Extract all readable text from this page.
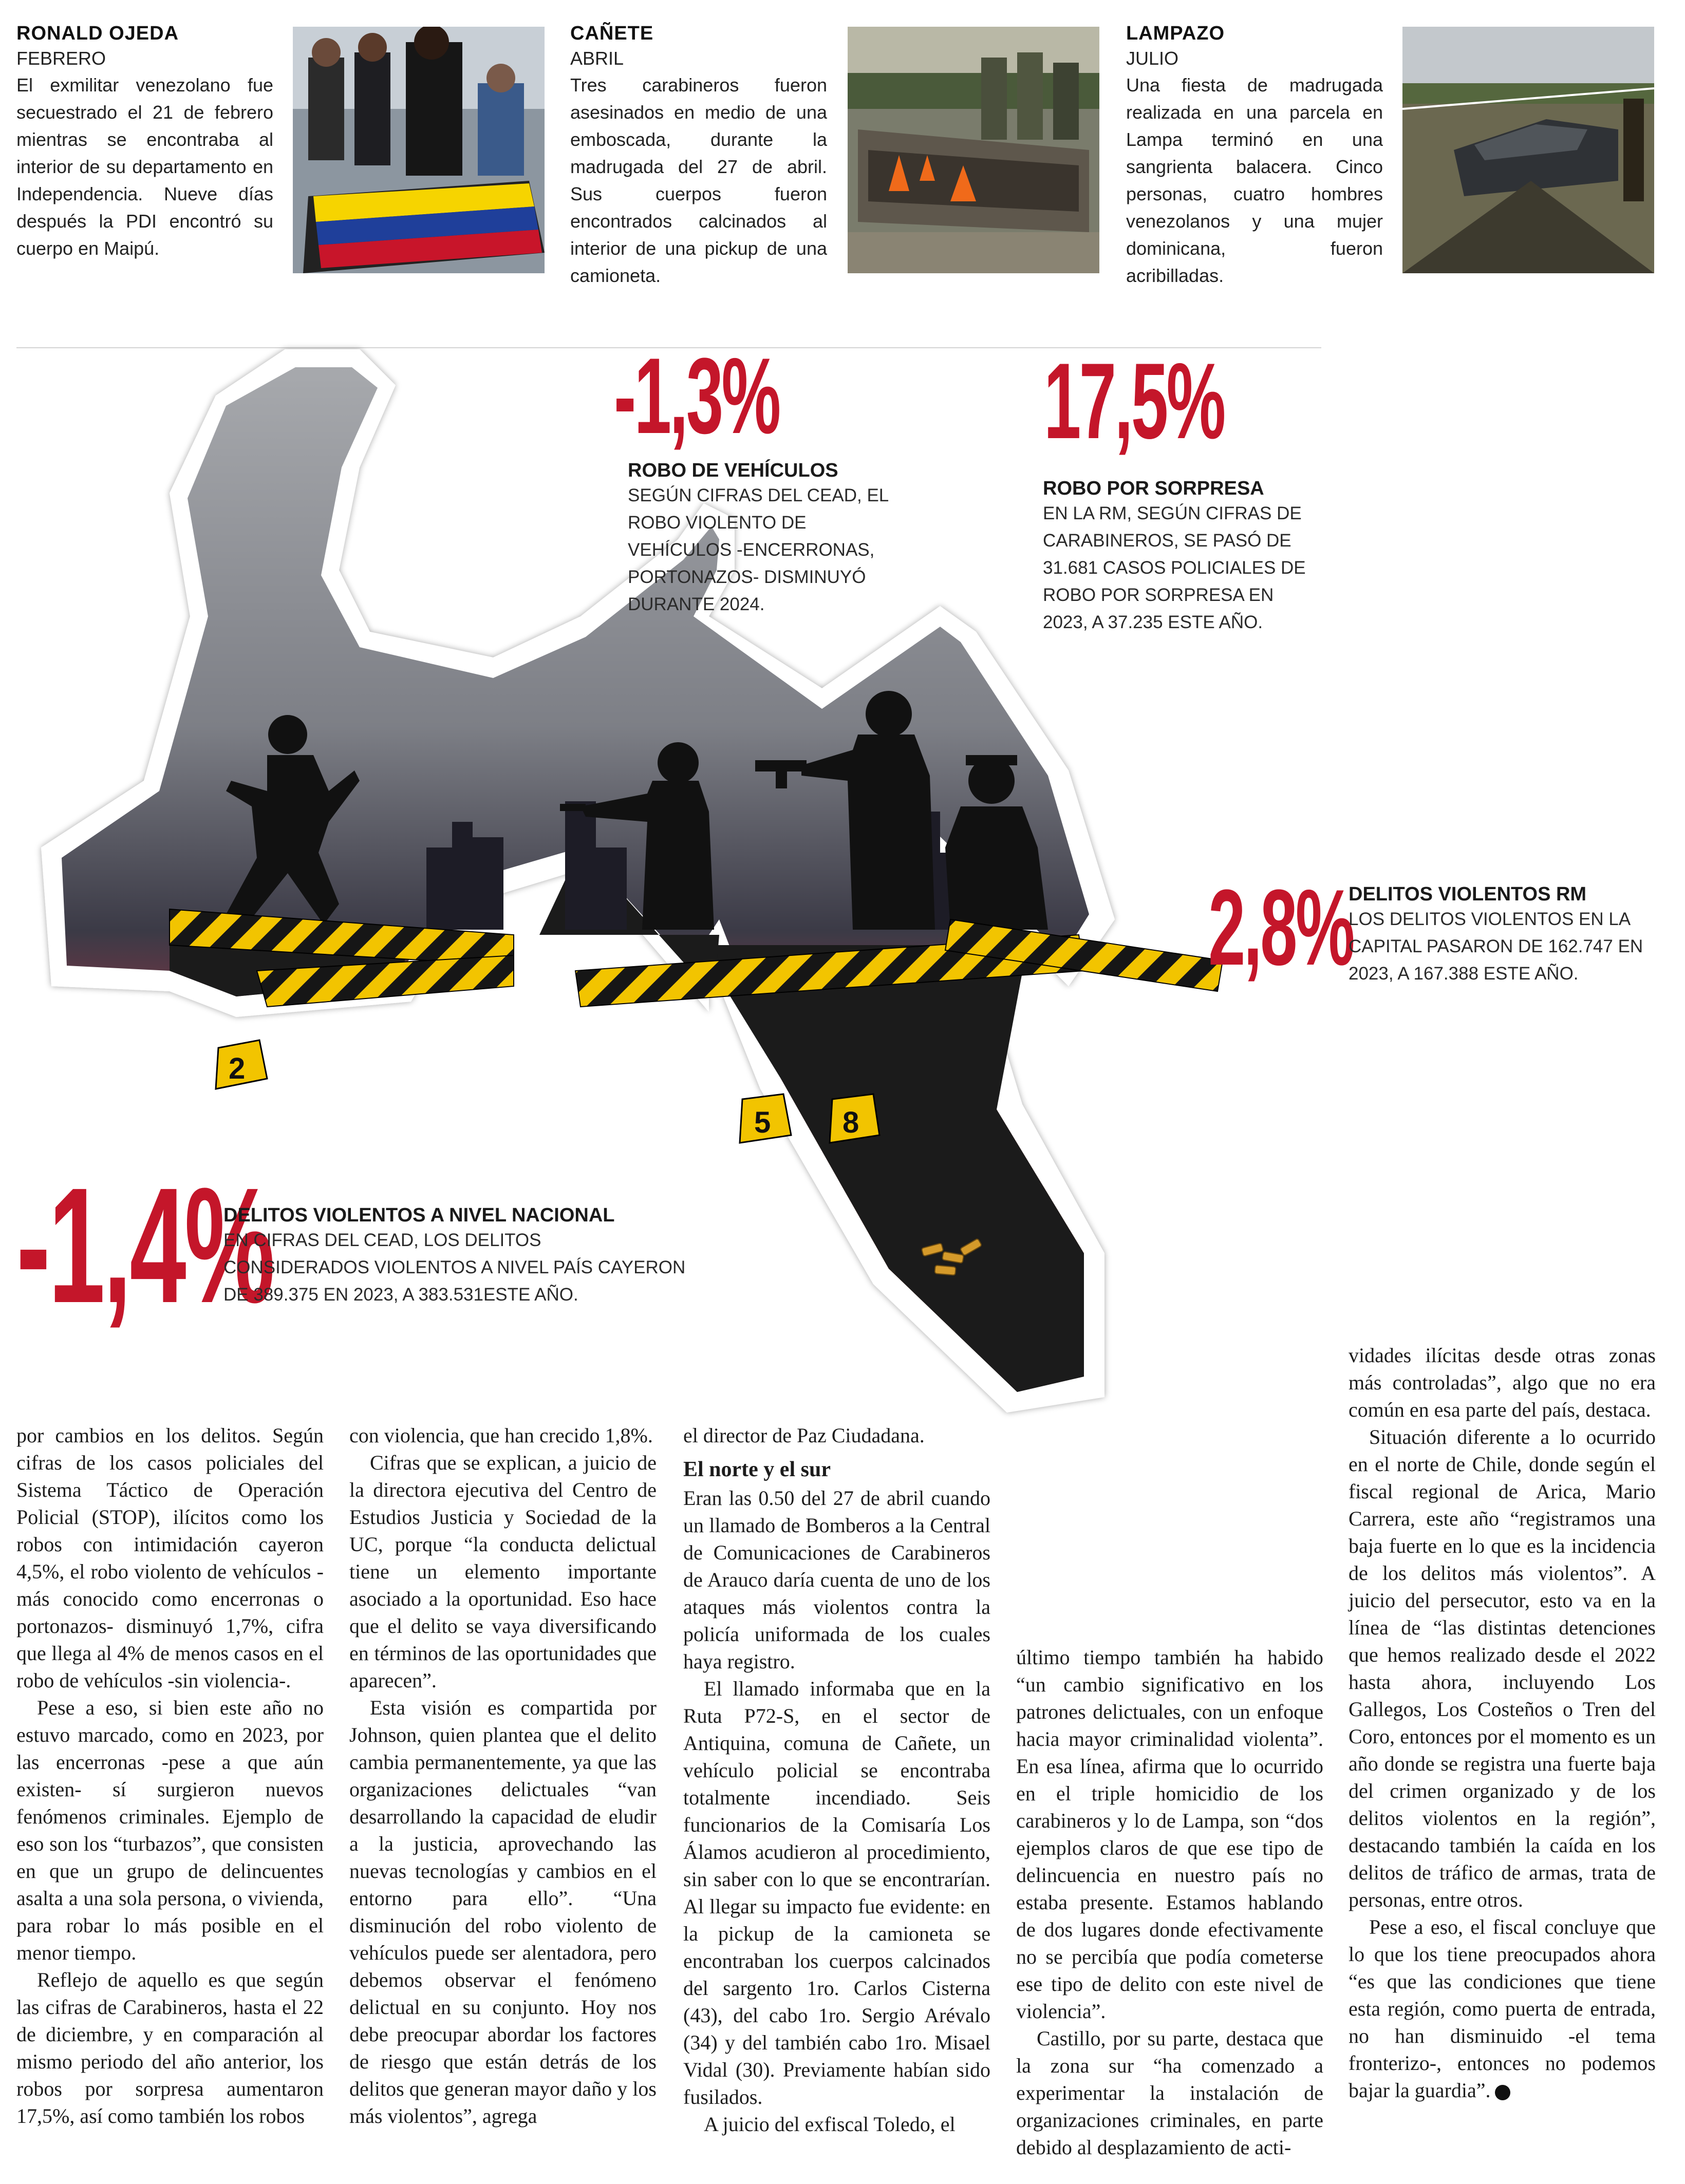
RONALD OJEDA
FEBRERO
El exmilitar venezolano fue secuestrado el 21 de febrero mientras se encontraba al interior de su departamento en Independencia. Nueve días después la PDI encontró su cuerpo en Maipú.
CAÑETE
ABRIL
Tres carabineros fueron asesinados en medio de una emboscada, durante la madrugada del 27 de abril. Sus cuerpos fueron encontrados calcinados al interior de una pickup de una camioneta.
LAMPAZO
JULIO
Una fiesta de madrugada realizada en una parcela en Lampa terminó en una sangrienta balacera. Cinco personas, cuatro hombres venezolanos y una mujer dominicana, fueron acribilladas.
2
5 8
-1,3%
ROBO DE VEHÍCULOS
SEGÚN CIFRAS DEL CEAD, EL ROBO VIOLENTO DE VEHÍCULOS -ENCERRONAS, PORTONAZOS- DISMINUYÓ DURANTE 2024.
17,5%
ROBO POR SORPRESA
EN LA RM, SEGÚN CIFRAS DE CARABINEROS, SE PASÓ DE 31.681 CASOS POLICIALES DE ROBO POR SORPRESA EN 2023, A 37.235 ESTE AÑO.
2,8%
DELITOS VIOLENTOS RM
LOS DELITOS VIOLENTOS EN LA CAPITAL PASARON DE 162.747 EN 2023, A 167.388 ESTE AÑO.
-1,4%
DELITOS VIOLENTOS A NIVEL NACIONAL
EN CIFRAS DEL CEAD, LOS DELITOS CONSIDERADOS VIOLENTOS A NIVEL PAÍS CAYERON DE 389.375 EN 2023, A 383.531ESTE AÑO.

por cambios en los delitos. Según cifras de los casos policiales del Sistema Táctico de Operación Policial (STOP), ilícitos como los robos con intimidación cayeron 4,5%, el robo violento de vehículos -más conocido como encerronas o portonazos- disminuyó 1,7%, cifra que llega al 4% de menos casos en el robo de vehículos -sin violencia-.

Pese a eso, si bien este año no estuvo marcado, como en 2023, por las encerronas -pese a que aún existen- sí surgieron nuevos fenómenos criminales. Ejemplo de eso son los “turbazos”, que consisten en que un grupo de delincuentes asalta a una sola persona, o vivienda, para robar lo más posible en el menor tiempo.

Reflejo de aquello es que según las cifras de Carabineros, hasta el 22 de diciembre, y en comparación al mismo periodo del año anterior, los robos por sorpresa aumentaron 17,5%, así como también los robos

con violencia, que han crecido 1,8%.

Cifras que se explican, a juicio de la directora ejecutiva del Centro de Estudios Justicia y Sociedad de la UC, porque “la conducta delictual tiene un elemento importante asociado a la oportunidad. Eso hace que el delito se vaya diversificando en términos de las oportunidades que aparecen”.

Esta visión es compartida por Johnson, quien plantea que el delito cambia permanentemente, ya que las organizaciones delictuales “van desarrollando la capacidad de eludir a la justicia, aprovechando las nuevas tecnologías y cambios en el entorno para ello”. “Una disminución del robo violento de vehículos puede ser alentadora, pero debemos observar el fenómeno delictual en su conjunto. Hoy nos debe preocupar abordar los factores de riesgo que están detrás de los delitos que generan mayor daño y los más violentos”, agrega

el director de Paz Ciudadana.

El norte y el sur

Eran las 0.50 del 27 de abril cuando un llamado de Bomberos a la Central de Comunicaciones de Carabineros de Arauco daría cuenta de uno de los ataques más violentos contra la policía uniformada de los cuales haya registro.

El llamado informaba que en la Ruta P72-S, en el sector de Antiquina, comuna de Cañete, un vehículo policial se encontraba totalmente incendiado. Seis funcionarios de la Comisaría Los Álamos acudieron al procedimiento, sin saber con lo que se encontrarían. Al llegar su impacto fue evidente: en la pickup de la camioneta se encontraban los cuerpos calcinados del sargento 1ro. Carlos Cisterna (43), del cabo 1ro. Sergio Arévalo (34) y del también cabo 1ro. Misael Vidal (30). Previamente habían sido fusilados.

A juicio del exfiscal Toledo, el

último tiempo también ha habido “un cambio significativo en los patrones delictuales, con un enfoque hacia mayor criminalidad violenta”. En esa línea, afirma que lo ocurrido en el triple homicidio de los carabineros y lo de Lampa, son “dos ejemplos claros de que ese tipo de delincuencia en nuestro país no estaba presente. Estamos hablando de dos lugares donde efectivamente no se percibía que podía cometerse ese tipo de delito con este nivel de violencia”.

Castillo, por su parte, destaca que la zona sur “ha comenzado a experimentar la instalación de organizaciones criminales, en parte debido al desplazamiento de acti-

vidades ilícitas desde otras zonas más controladas”, algo que no era común en esa parte del país, destaca.

Situación diferente a lo ocurrido en el norte de Chile, donde según el fiscal regional de Arica, Mario Carrera, este año “registramos una baja fuerte en lo que es la incidencia de los delitos más violentos”. A juicio del persecutor, esto va en la línea de “las distintas detenciones que hemos realizado desde el 2022 hasta ahora, incluyendo Los Gallegos, Los Costeños o Tren del Coro, entonces por el momento es un año donde se registra una fuerte baja del crimen organizado y de los delitos violentos en la región”, destacando también la caída en los delitos de tráfico de armas, trata de personas, entre otros.

Pese a eso, el fiscal concluye que lo que los tiene preocupados ahora “es que las condiciones que tiene esta región, como puerta de entrada, no han disminuido -el tema fronterizo-, entonces no podemos bajar la guardia”.
